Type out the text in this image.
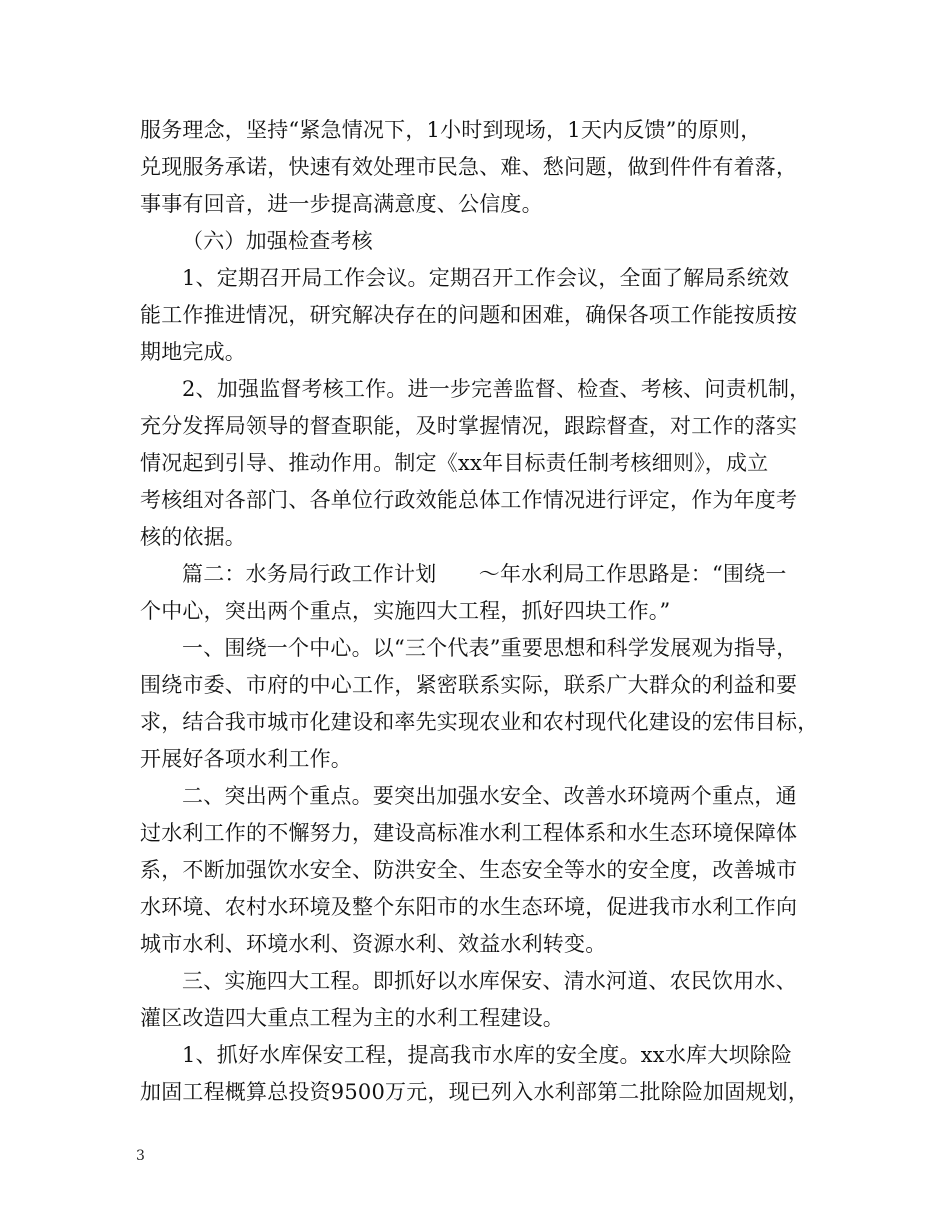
服务理念，坚持“紧急情况下，1小时到现场，1天内反馈”的原则，
兑现服务承诺，快速有效处理市民急、难、愁问题，做到件件有着落，
事事有回音，进一步提高满意度、公信度。
（六）加强检查考核
1、定期召开局工作会议。定期召开工作会议，全面了解局系统效
能工作推进情况，研究解决存在的问题和困难，确保各项工作能按质按
期地完成。
2、加强监督考核工作。进一步完善监督、检查、考核、问责机制，
充分发挥局领导的督查职能，及时掌握情况，跟踪督查，对工作的落实
情况起到引导、推动作用。制定《xx年目标责任制考核细则》，成立
考核组对各部门、各单位行政效能总体工作情况进行评定，作为年度考
核的依据。
篇二：水务局行政工作计划　　～年水利局工作思路是：“围绕一
个中心，突出两个重点，实施四大工程，抓好四块工作。”
一、围绕一个中心。以“三个代表”重要思想和科学发展观为指导，
围绕市委、市府的中心工作，紧密联系实际，联系广大群众的利益和要
求，结合我市城市化建设和率先实现农业和农村现代化建设的宏伟目标，
开展好各项水利工作。
二、突出两个重点。要突出加强水安全、改善水环境两个重点，通
过水利工作的不懈努力，建设高标准水利工程体系和水生态环境保障体
系，不断加强饮水安全、防洪安全、生态安全等水的安全度，改善城市
水环境、农村水环境及整个东阳市的水生态环境，促进我市水利工作向
城市水利、环境水利、资源水利、效益水利转变。
三、实施四大工程。即抓好以水库保安、清水河道、农民饮用水、
灌区改造四大重点工程为主的水利工程建设。
1、抓好水库保安工程，提高我市水库的安全度。xx水库大坝除险
加固工程概算总投资9500万元，现已列入水利部第二批除险加固规划，
3
